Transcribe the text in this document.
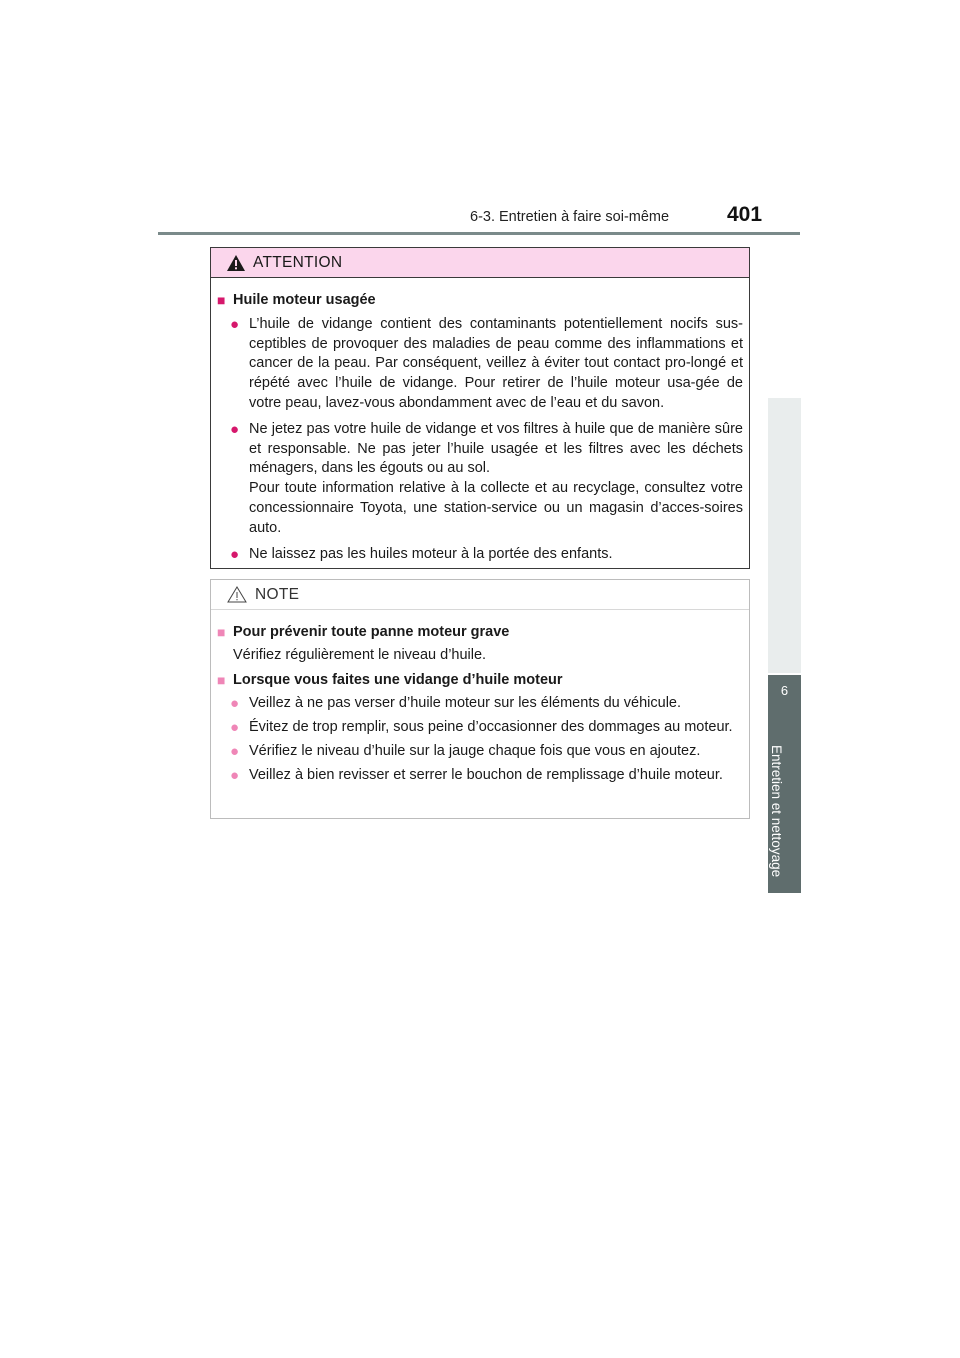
6-3. Entretien à faire soi-même	401
6
Entretien et nettoyage
ATTENTION
■ Huile moteur usagée
● L’huile de vidange contient des contaminants potentiellement nocifs sus-ceptibles de provoquer des maladies de peau comme des inflammations et cancer de la peau. Par conséquent, veillez à éviter tout contact pro-longé et répété avec l’huile de vidange. Pour retirer de l’huile moteur usa-gée de votre peau, lavez-vous abondamment avec de l’eau et du savon.
● Ne jetez pas votre huile de vidange et vos filtres à huile que de manière sûre et responsable. Ne pas jeter l’huile usagée et les filtres avec les déchets ménagers, dans les égouts ou au sol.
Pour toute information relative à la collecte et au recyclage, consultez votre concessionnaire Toyota, une station-service ou un magasin d’acces-soires auto.
● Ne laissez pas les huiles moteur à la portée des enfants.
NOTE
■ Pour prévenir toute panne moteur grave
Vérifiez régulièrement le niveau d’huile.
■ Lorsque vous faites une vidange d’huile moteur
● Veillez à ne pas verser d’huile moteur sur les éléments du véhicule.
● Évitez de trop remplir, sous peine d’occasionner des dommages au moteur.
● Vérifiez le niveau d’huile sur la jauge chaque fois que vous en ajoutez.
● Veillez à bien revisser et serrer le bouchon de remplissage d’huile moteur.
